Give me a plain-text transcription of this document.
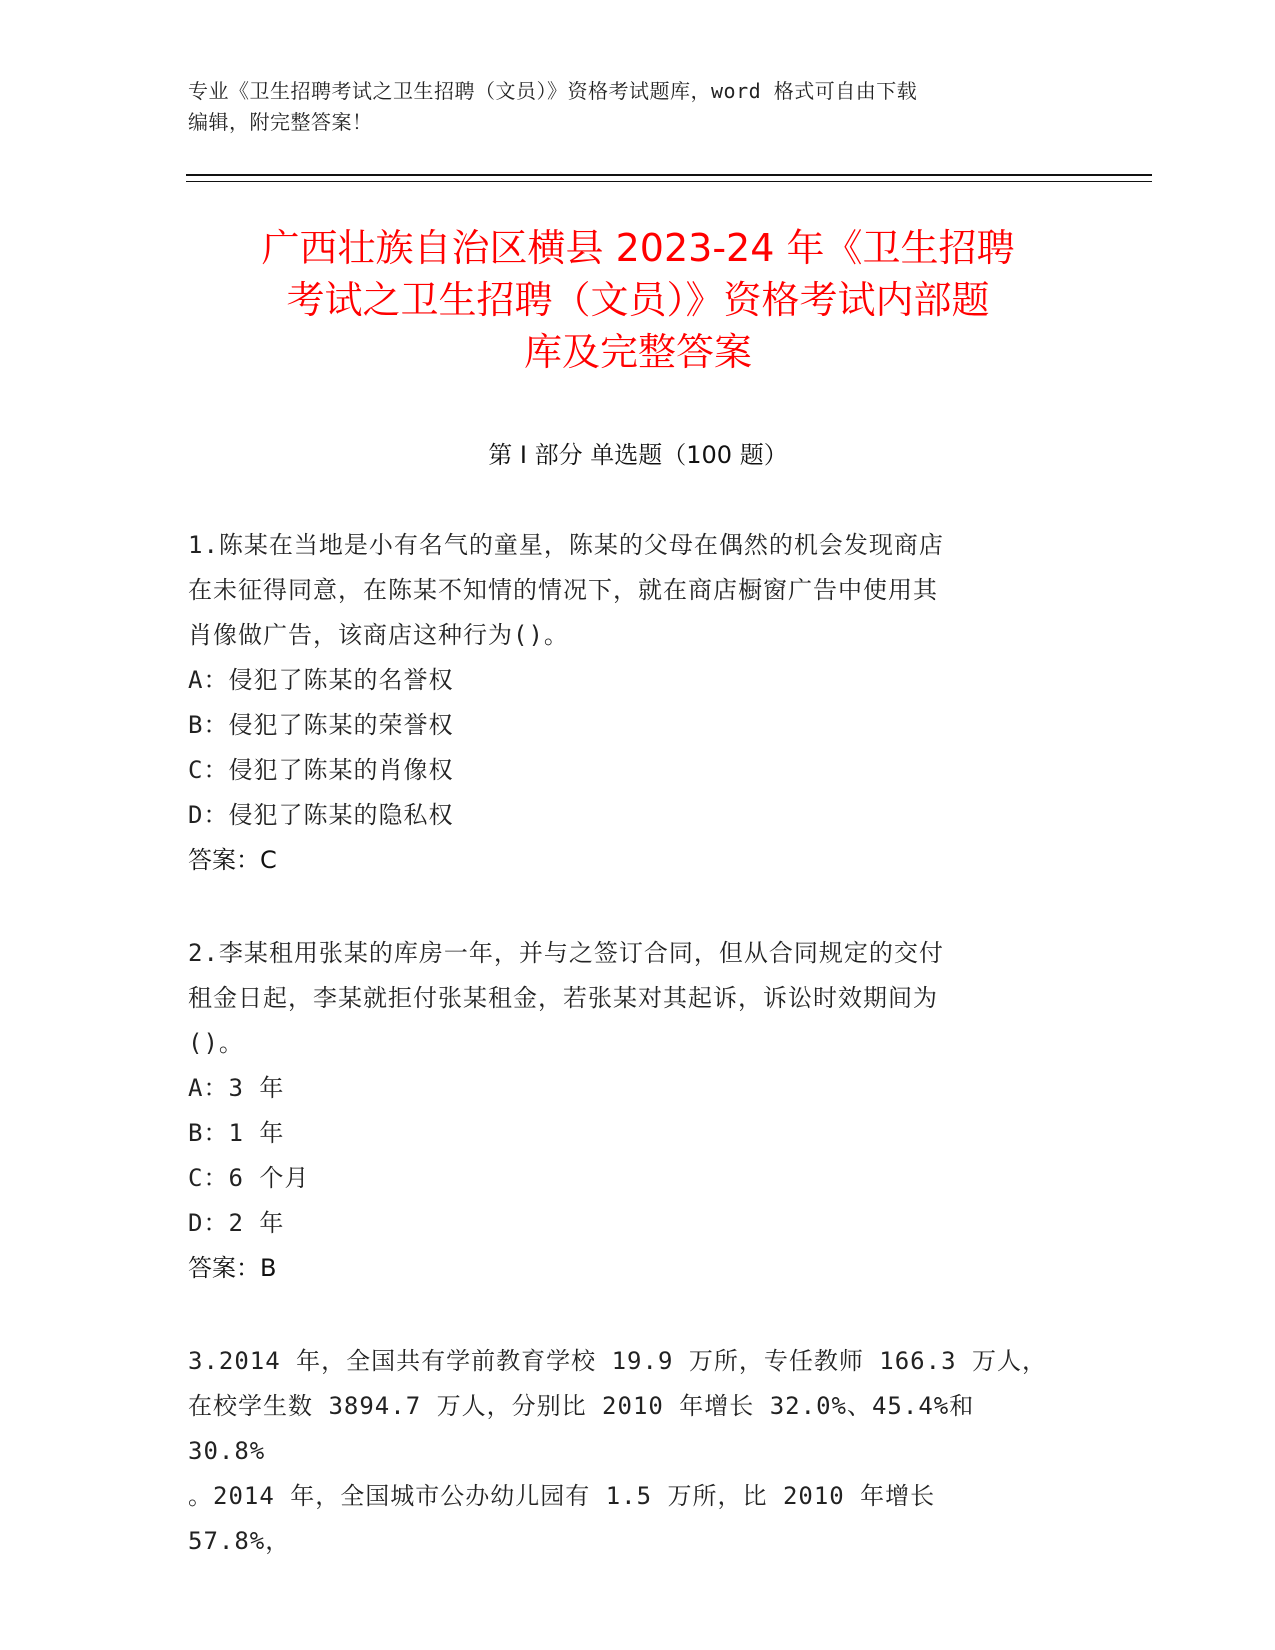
专业《卫生招聘考试之卫生招聘（文员）》资格考试题库，word 格式可自由下载
编辑，附完整答案！
广西壮族自治区横县 2023-24 年《卫生招聘
考试之卫生招聘（文员）》资格考试内部题
库及完整答案
第 I 部分 单选题（100 题）
1.陈某在当地是小有名气的童星，陈某的父母在偶然的机会发现商店
在未征得同意，在陈某不知情的情况下，就在商店橱窗广告中使用其
肖像做广告，该商店这种行为()。
A：侵犯了陈某的名誉权
B：侵犯了陈某的荣誉权
C：侵犯了陈某的肖像权
D：侵犯了陈某的隐私权
答案：C
2.李某租用张某的库房一年，并与之签订合同，但从合同规定的交付
租金日起，李某就拒付张某租金，若张某对其起诉，诉讼时效期间为
()。
A：3 年
B：1 年
C：6 个月
D：2 年
答案：B
3.2014 年，全国共有学前教育学校 19.9 万所，专任教师 166.3 万人，
在校学生数 3894.7 万人，分别比 2010 年增长 32.0%、45.4%和 30.8%
。2014 年，全国城市公办幼儿园有 1.5 万所，比 2010 年增长 57.8%，
